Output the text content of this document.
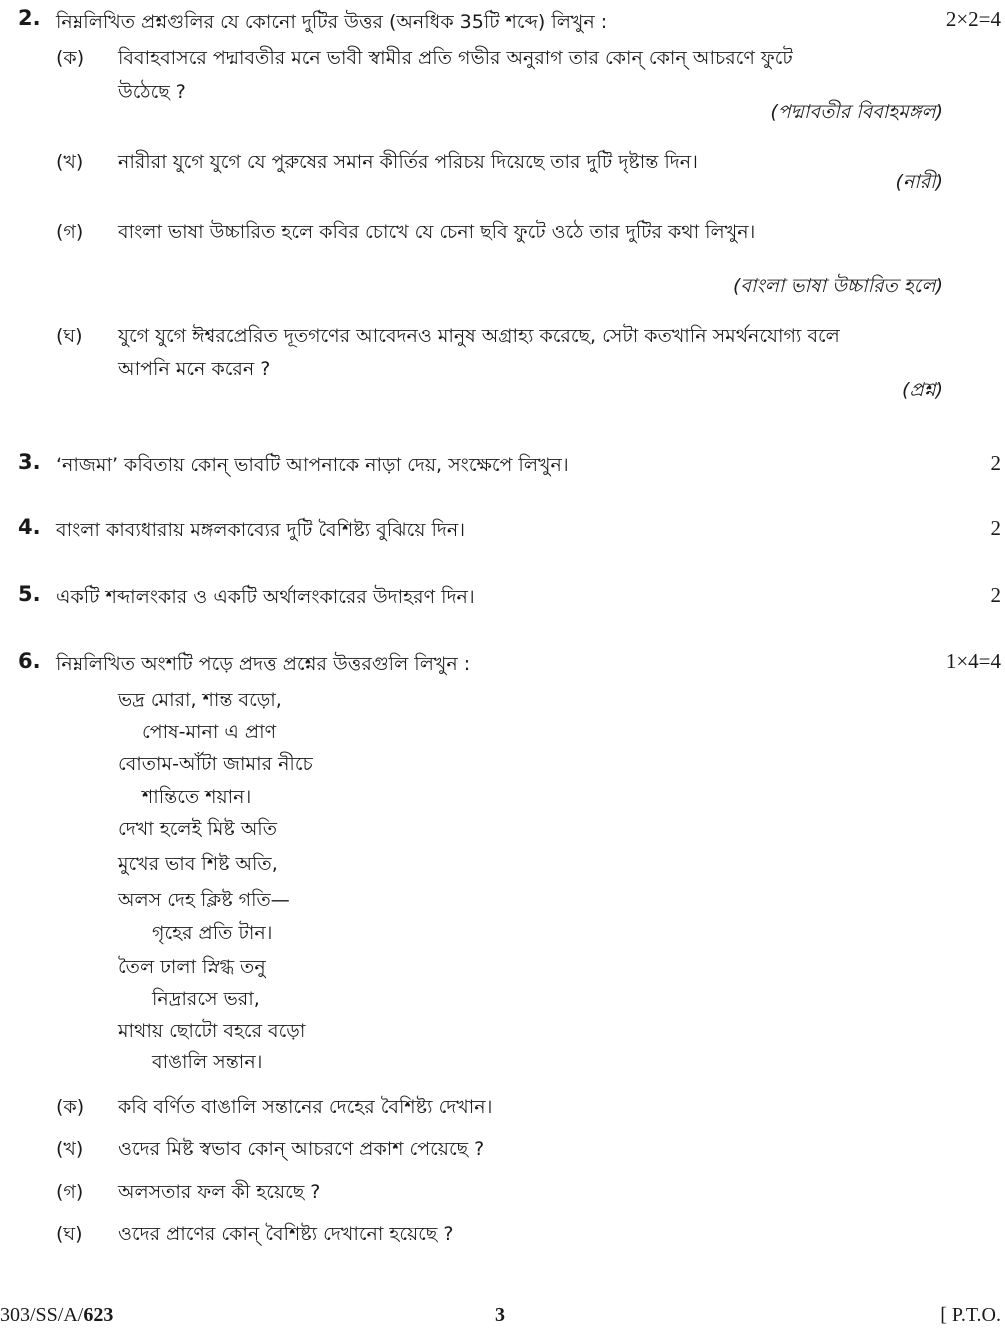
2. নিম্নলিখিত প্রশ্নগুলির যে কোনো দুটির উত্তর (অনধিক 35টি শব্দে) লিখুন :	2×2=4
(ক) বিবাহবাসরে পদ্মাবতীর মনে ভাবী স্বামীর প্রতি গভীর অনুরাগ তার কোন্ কোন্ আচরণে ফুটে
উঠেছে ?
(পদ্মাবতীর বিবাহমঙ্গল)
(খ) নারীরা যুগে যুগে যে পুরুষের সমান কীর্তির পরিচয় দিয়েছে তার দুটি দৃষ্টান্ত দিন।
(নারী)
(গ) বাংলা ভাষা উচ্চারিত হলে কবির চোখে যে চেনা ছবি ফুটে ওঠে তার দুটির কথা লিখুন।
(বাংলা ভাষা উচ্চারিত হলে)
(ঘ) যুগে যুগে ঈশ্বরপ্রেরিত দূতগণের আবেদনও মানুষ অগ্রাহ্য করেছে, সেটা কতখানি সমর্থনযোগ্য বলে
আপনি মনে করেন ?
(প্রশ্ন)
3. ‘নাজমা’ কবিতায় কোন্ ভাবটি আপনাকে নাড়া দেয়, সংক্ষেপে লিখুন।	2
4. বাংলা কাব্যধারায় মঙ্গলকাব্যের দুটি বৈশিষ্ট্য বুঝিয়ে দিন।	2
5. একটি শব্দালংকার ও একটি অর্থালংকারের উদাহরণ দিন।	2
6. নিম্নলিখিত অংশটি পড়ে প্রদত্ত প্রশ্নের উত্তরগুলি লিখুন :	1×4=4
ভদ্র মোরা, শান্ত বড়ো,
পোষ-মানা এ প্রাণ
বোতাম-আঁটা জামার নীচে
শান্তিতে শয়ান।
দেখা হলেই মিষ্ট অতি
মুখের ভাব শিষ্ট অতি,
অলস দেহ ক্লিষ্ট গতি—
গৃহের প্রতি টান।
তৈল ঢালা স্নিগ্ধ তনু
নিদ্রারসে ভরা,
মাথায় ছোটো বহরে বড়ো
বাঙালি সন্তান।
(ক) কবি বর্ণিত বাঙালি সন্তানের দেহের বৈশিষ্ট্য দেখান।
(খ) ওদের মিষ্ট স্বভাব কোন্ আচরণে প্রকাশ পেয়েছে ?
(গ) অলসতার ফল কী হয়েছে ?
(ঘ) ওদের প্রাণের কোন্ বৈশিষ্ট্য দেখানো হয়েছে ?
303/SS/A/623	3	[ P.T.O.
